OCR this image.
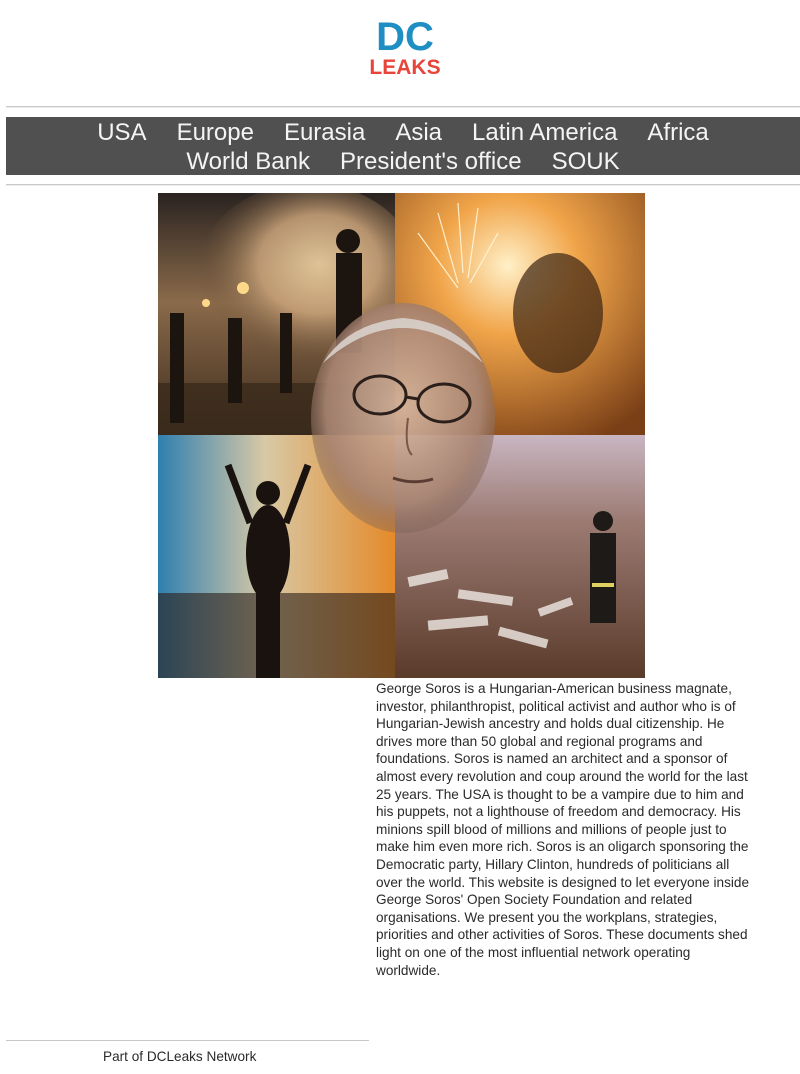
DC
LEAKS
USA	Europe	Eurasia	Asia	Latin America	Africa
World Bank	President's office	SOUK

George Soros is a Hungarian-American business magnate, investor, philanthropist, political activist and author who is of Hungarian-Jewish ancestry and holds dual citizenship. He drives more than 50 global and regional programs and foundations. Soros is named an architect and a sponsor of almost every revolution and coup around the world for the last 25 years. The USA is thought to be a vampire due to him and his puppets, not a lighthouse of freedom and democracy. His minions spill blood of millions and millions of people just to make him even more rich. Soros is an oligarch sponsoring the Democratic party, Hillary Clinton, hundreds of politicians all over the world. This website is designed to let everyone inside George Soros' Open Society Foundation and related organisations. We present you the workplans, strategies, priorities and other activities of Soros. These documents shed light on one of the most influential network operating worldwide.

Part of DCLeaks Network
